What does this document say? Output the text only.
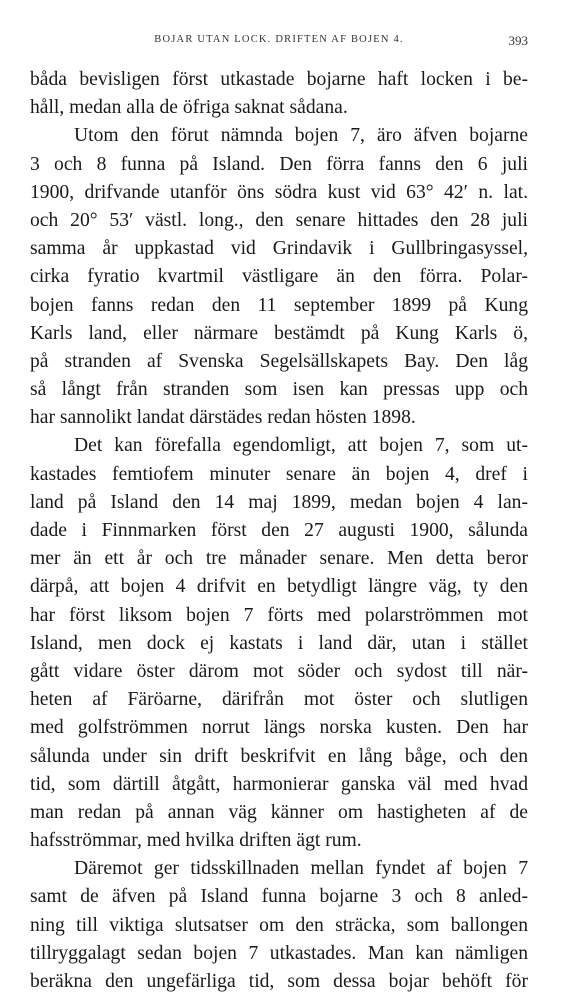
BOJAR UTAN LOCK. DRIFTEN AF BOJEN 4.	393
båda bevisligen först utkastade bojarne haft locken i be-
håll, medan alla de öfriga saknat sådana.
Utom den förut nämnda bojen 7, äro äfven bojarne
3 och 8 funna på Island. Den förra fanns den 6 juli
1900, drifvande utanför öns södra kust vid 63° 42′ n. lat.
och 20° 53′ västl. long., den senare hittades den 28 juli
samma år uppkastad vid Grindavik i Gullbringasyssel,
cirka fyratio kvartmil västligare än den förra. Polar-
bojen fanns redan den 11 september 1899 på Kung
Karls land, eller närmare bestämdt på Kung Karls ö,
på stranden af Svenska Segelsällskapets Bay. Den låg
så långt från stranden som isen kan pressas upp och
har sannolikt landat därstädes redan hösten 1898.
Det kan förefalla egendomligt, att bojen 7, som ut-
kastades femtiofem minuter senare än bojen 4, dref i
land på Island den 14 maj 1899, medan bojen 4 lan-
dade i Finnmarken först den 27 augusti 1900, sålunda
mer än ett år och tre månader senare. Men detta beror
därpå, att bojen 4 drifvit en betydligt längre väg, ty den
har först liksom bojen 7 förts med polarströmmen mot
Island, men dock ej kastats i land där, utan i stället
gått vidare öster därom mot söder och sydost till när-
heten af Färöarne, därifrån mot öster och slutligen
med golfströmmen norrut längs norska kusten. Den har
sålunda under sin drift beskrifvit en lång båge, och den
tid, som därtill åtgått, harmonierar ganska väl med hvad
man redan på annan väg känner om hastigheten af de
hafsströmmar, med hvilka driften ägt rum.
Däremot ger tidsskillnaden mellan fyndet af bojen 7
samt de äfven på Island funna bojarne 3 och 8 anled-
ning till viktiga slutsatser om den sträcka, som ballongen
tillryggalagt sedan bojen 7 utkastades. Man kan nämligen
beräkna den ungefärliga tid, som dessa bojar behöft för
